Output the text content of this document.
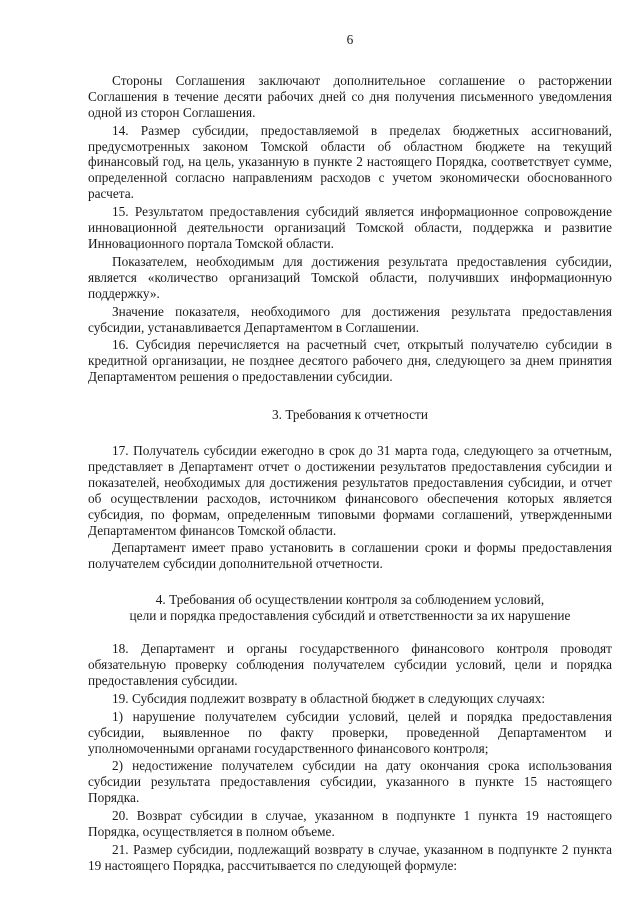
6

Стороны Соглашения заключают дополнительное соглашение о расторжении Соглашения в течение десяти рабочих дней со дня получения письменного уведомления одной из сторон Соглашения.

14. Размер субсидии, предоставляемой в пределах бюджетных ассигнований, предусмотренных законом Томской области об областном бюджете на текущий финансовый год, на цель, указанную в пункте 2 настоящего Порядка, соответствует сумме, определенной согласно направлениям расходов с учетом экономически обоснованного расчета.

15. Результатом предоставления субсидий является информационное сопровождение инновационной деятельности организаций Томской области, поддержка и развитие Инновационного портала Томской области.

Показателем, необходимым для достижения результата предоставления субсидии, является «количество организаций Томской области, получивших информационную поддержку».

Значение показателя, необходимого для достижения результата предоставления субсидии, устанавливается Департаментом в Соглашении.

16. Субсидия перечисляется на расчетный счет, открытый получателю субсидии в кредитной организации, не позднее десятого рабочего дня, следующего за днем принятия Департаментом решения о предоставлении субсидии.

3. Требования к отчетности

17. Получатель субсидии ежегодно в срок до 31 марта года, следующего за отчетным, представляет в Департамент отчет о достижении результатов предоставления субсидии и показателей, необходимых для достижения результатов предоставления субсидии, и отчет об осуществлении расходов, источником финансового обеспечения которых является субсидия, по формам, определенным типовыми формами соглашений, утвержденными Департаментом финансов Томской области.

Департамент имеет право установить в соглашении сроки и формы предоставления получателем субсидии дополнительной отчетности.

4. Требования об осуществлении контроля за соблюдением условий,
цели и порядка предоставления субсидий и ответственности за их нарушение

18. Департамент и органы государственного финансового контроля проводят обязательную проверку соблюдения получателем субсидии условий, цели и порядка предоставления субсидии.

19. Субсидия подлежит возврату в областной бюджет в следующих случаях:

1) нарушение получателем субсидии условий, целей и порядка предоставления субсидии, выявленное по факту проверки, проведенной Департаментом и уполномоченными органами государственного финансового контроля;

2) недостижение получателем субсидии на дату окончания срока использования субсидии результата предоставления субсидии, указанного в пункте 15 настоящего Порядка.

20. Возврат субсидии в случае, указанном в подпункте 1 пункта 19 настоящего Порядка, осуществляется в полном объеме.

21. Размер субсидии, подлежащий возврату в случае, указанном в подпункте 2 пункта 19 настоящего Порядка, рассчитывается по следующей формуле:
